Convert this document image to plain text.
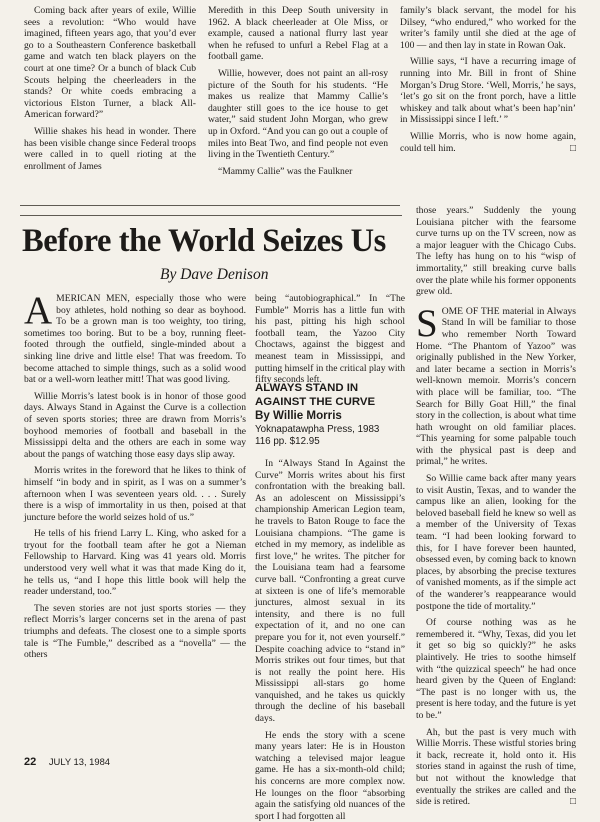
Coming back after years of exile, Willie sees a revolution: “Who would have imagined, fifteen years ago, that you’d ever go to a Southeastern Conference basketball game and watch ten black players on the court at one time? Or a bunch of black Cub Scouts helping the cheerleaders in the stands? Or white coeds embracing a victorious Elston Turner, a black All-American forward?”

Willie shakes his head in wonder. There has been visible change since Federal troops were called in to quell rioting at the enrollment of James

Meredith in this Deep South university in 1962. A black cheerleader at Ole Miss, or example, caused a national flurry last year when he refused to unfurl a Rebel Flag at a football game.

Willie, however, does not paint an all-rosy picture of the South for his students. “He makes us realize that Mammy Callie’s daughter still goes to the ice house to get water,” said student John Morgan, who grew up in Oxford. “And you can go out a couple of miles into Beat Two, and find people not even living in the Twentieth Century.”

“Mammy Callie” was the Faulkner

family’s black servant, the model for his Dilsey, “who endured,” who worked for the writer’s family until she died at the age of 100 — and then lay in state in Rowan Oak.

Willie says, “I have a recurring image of running into Mr. Bill in front of Shine Morgan’s Drug Store. ‘Well, Morris,’ he says, ‘let’s go sit on the front porch, have a little whiskey and talk about what’s been hap’nin’ in Mississippi since I left.’ ”

Willie Morris, who is now home again, could tell him. □

Before the World Seizes Us

By Dave Denison

AMERICAN MEN, especially those who were boy athletes, hold nothing so dear as boyhood. To be a grown man is too weighty, too tiring, sometimes too boring. But to be a boy, running fleet-footed through the outfield, single-minded about a sinking line drive and little else! That was freedom. To become attached to simple things, such as a solid wood bat or a well-worn leather mitt! That was good living.

Willie Morris’s latest book is in honor of those good days. Always Stand in Against the Curve is a collection of seven sports stories; three are drawn from Morris’s boyhood memories of football and baseball in the Mississippi delta and the others are each in some way about the pangs of watching those easy days slip away.

Morris writes in the foreword that he likes to think of himself “in body and in spirit, as I was on a summer’s afternoon when I was seventeen years old. . . . Surely there is a wisp of immortality in us then, poised at that juncture before the world seizes hold of us.”

He tells of his friend Larry L. King, who asked for a tryout for the football team after he got a Nieman Fellowship to Harvard. King was 41 years old. Morris understood very well what it was that made King do it, he tells us, “and I hope this little book will help the reader understand, too.”

The seven stories are not just sports stories — they reflect Morris’s larger concerns set in the arena of past triumphs and defeats. The closest one to a simple sports tale is “The Fumble,” described as a “novella” — the others

being “autobiographical.” In “The Fumble” Morris has a little fun with his past, pitting his high school football team, the Yazoo City Choctaws, against the biggest and meanest team in Mississippi, and putting himself in the critical play with fifty seconds left.

ALWAYS STAND IN AGAINST THE CURVE

By Willie Morris

Yoknapatawpha Press, 1983

116 pp. $12.95

In “Always Stand In Against the Curve” Morris writes about his first confrontation with the breaking ball. As an adolescent on Mississippi’s championship American Legion team, he travels to Baton Rouge to face the Louisiana champions. “The game is etched in my memory, as indelible as first love,” he writes. The pitcher for the Louisiana team had a fearsome curve ball. “Confronting a great curve at sixteen is one of life’s memorable junctures, almost sexual in its intensity, and there is no full expectation of it, and no one can prepare you for it, not even yourself.” Despite coaching advice to “stand in” Morris strikes out four times, but that is not really the point here. His Mississippi all-stars go home vanquished, and he takes us quickly through the decline of his baseball days.

He ends the story with a scene many years later: He is in Houston watching a televised major league game. He has a six-month-old child; his concerns are more complex now. He lounges on the floor “absorbing again the satisfying old nuances of the sport I had forgotten all

those years.” Suddenly the young Louisiana pitcher with the fearsome curve turns up on the TV screen, now as a major leaguer with the Chicago Cubs. The lefty has hung on to his “wisp of immortality,” still breaking curve balls over the plate while his former opponents grew old.

SOME OF THE material in Always Stand In will be familiar to those who remember North Toward Home. “The Phantom of Yazoo” was originally published in the New Yorker, and later became a section in Morris’s well-known memoir. Morris’s concern with place will be familiar, too. “The Search for Billy Goat Hill,” the final story in the collection, is about what time hath wrought on old familiar places. “This yearning for some palpable touch with the physical past is deep and primal,” he writes.

So Willie came back after many years to visit Austin, Texas, and to wander the campus like an alien, looking for the beloved baseball field he knew so well as a member of the University of Texas team. “I had been looking forward to this, for I have forever been haunted, obsessed even, by coming back to known places, by absorbing the precise textures of vanished moments, as if the simple act of the wanderer’s reappearance would postpone the tide of mortality.”

Of course nothing was as he remembered it. “Why, Texas, did you let it get so big so quickly?” he asks plaintively. He tries to soothe himself with “the quizzical speech” he had once heard given by the Queen of England: “The past is no longer with us, the present is here today, and the future is yet to be.”

Ah, but the past is very much with Willie Morris. These wistful stories bring it back, recreate it, hold onto it. His stories stand in against the rush of time, but not without the knowledge that eventually the strikes are called and the side is retired. □

22 JULY 13, 1984
